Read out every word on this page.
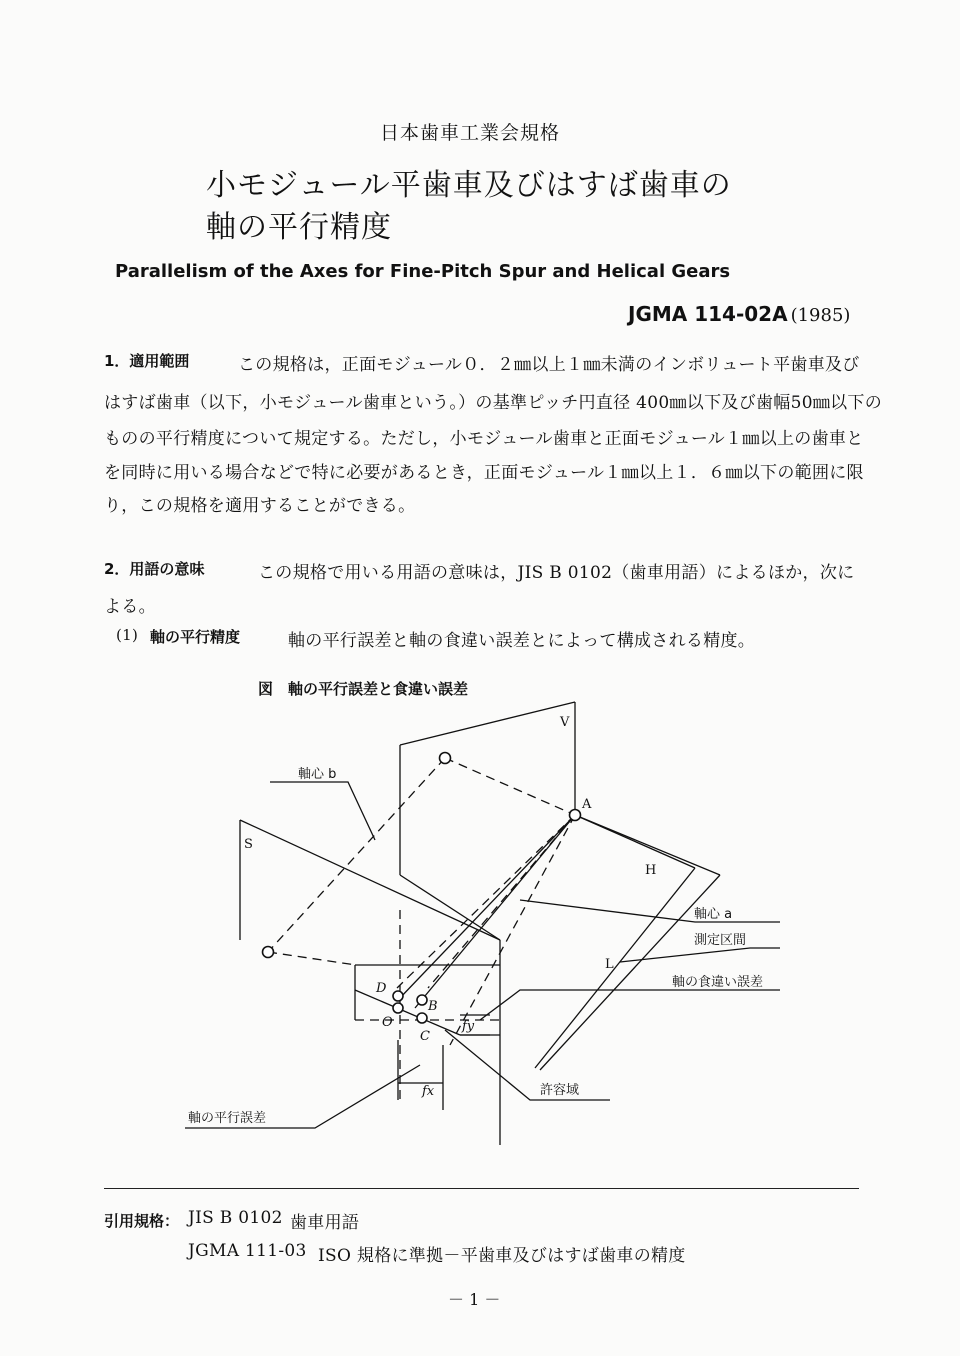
日本歯車工業会規格
小モジュール平歯車及びはすば歯車の
軸の平行精度
Parallelism of the Axes for Fine-Pitch Spur and Helical Gears
JGMA 114-02A (1985)
1．適用範囲	この規格は，正面モジュール０．２㎜以上１㎜未満のインボリュート平歯車及び
はすば歯車（以下，小モジュール歯車という。）の基準ピッチ円直径 400㎜以下及び歯幅50㎜以下の
ものの平行精度について規定する。ただし，小モジュール歯車と正面モジュール１㎜以上の歯車と
を同時に用いる場合などで特に必要があるとき，正面モジュール１㎜以上１．６㎜以下の範囲に限
り，この規格を適用することができる。
2．用語の意味	この規格で用いる用語の意味は，JIS B 0102（歯車用語）によるほか，次に
よる。
(1) 軸の平行精度	軸の平行誤差と軸の食違い誤差とによって構成される精度。
図　軸の平行誤差と食違い誤差
V
S
A
H
L
D
B
O
C
fy
fx
軸心 b
軸心 a
測定区間
軸の食違い誤差
許容域
軸の平行誤差
引用規格： JIS B 0102 歯車用語
JGMA 111-03 ISO 規格に準拠－平歯車及びはすば歯車の精度
－ 1 －
